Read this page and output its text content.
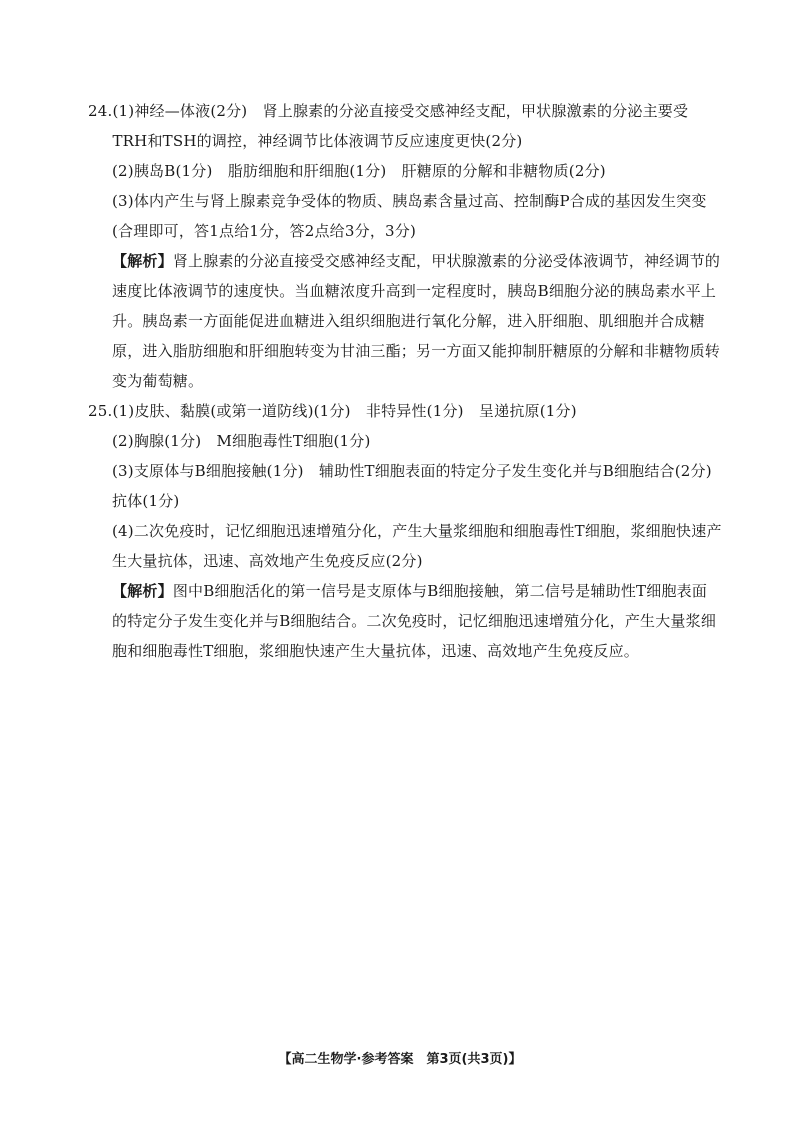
24. (1)神经—体液(2分)　肾上腺素的分泌直接受交感神经支配，甲状腺激素的分泌主要受TRH和TSH的调控，神经调节比体液调节反应速度更快(2分)

(2)胰岛B(1分)　脂肪细胞和肝细胞(1分)　肝糖原的分解和非糖物质(2分)

(3)体内产生与肾上腺素竞争受体的物质、胰岛素含量过高、控制酶P合成的基因发生突变(合理即可，答1点给1分，答2点给3分，3分)

【解析】肾上腺素的分泌直接受交感神经支配，甲状腺激素的分泌受体液调节，神经调节的速度比体液调节的速度快。当血糖浓度升高到一定程度时，胰岛B细胞分泌的胰岛素水平上升。胰岛素一方面能促进血糖进入组织细胞进行氧化分解，进入肝细胞、肌细胞并合成糖原，进入脂肪细胞和肝细胞转变为甘油三酯；另一方面又能抑制肝糖原的分解和非糖物质转变为葡萄糖。

25. (1)皮肤、黏膜(或第一道防线)(1分)　非特异性(1分)　呈递抗原(1分)

(2)胸腺(1分)　M细胞毒性T细胞(1分)

(3)支原体与B细胞接触(1分)　辅助性T细胞表面的特定分子发生变化并与B细胞结合(2分)　抗体(1分)

(4)二次免疫时，记忆细胞迅速增殖分化，产生大量浆细胞和细胞毒性T细胞，浆细胞快速产生大量抗体，迅速、高效地产生免疫反应(2分)

【解析】图中B细胞活化的第一信号是支原体与B细胞接触，第二信号是辅助性T细胞表面的特定分子发生变化并与B细胞结合。二次免疫时，记忆细胞迅速增殖分化，产生大量浆细胞和细胞毒性T细胞，浆细胞快速产生大量抗体，迅速、高效地产生免疫反应。

【高二生物学·参考答案　第3页(共3页)】
